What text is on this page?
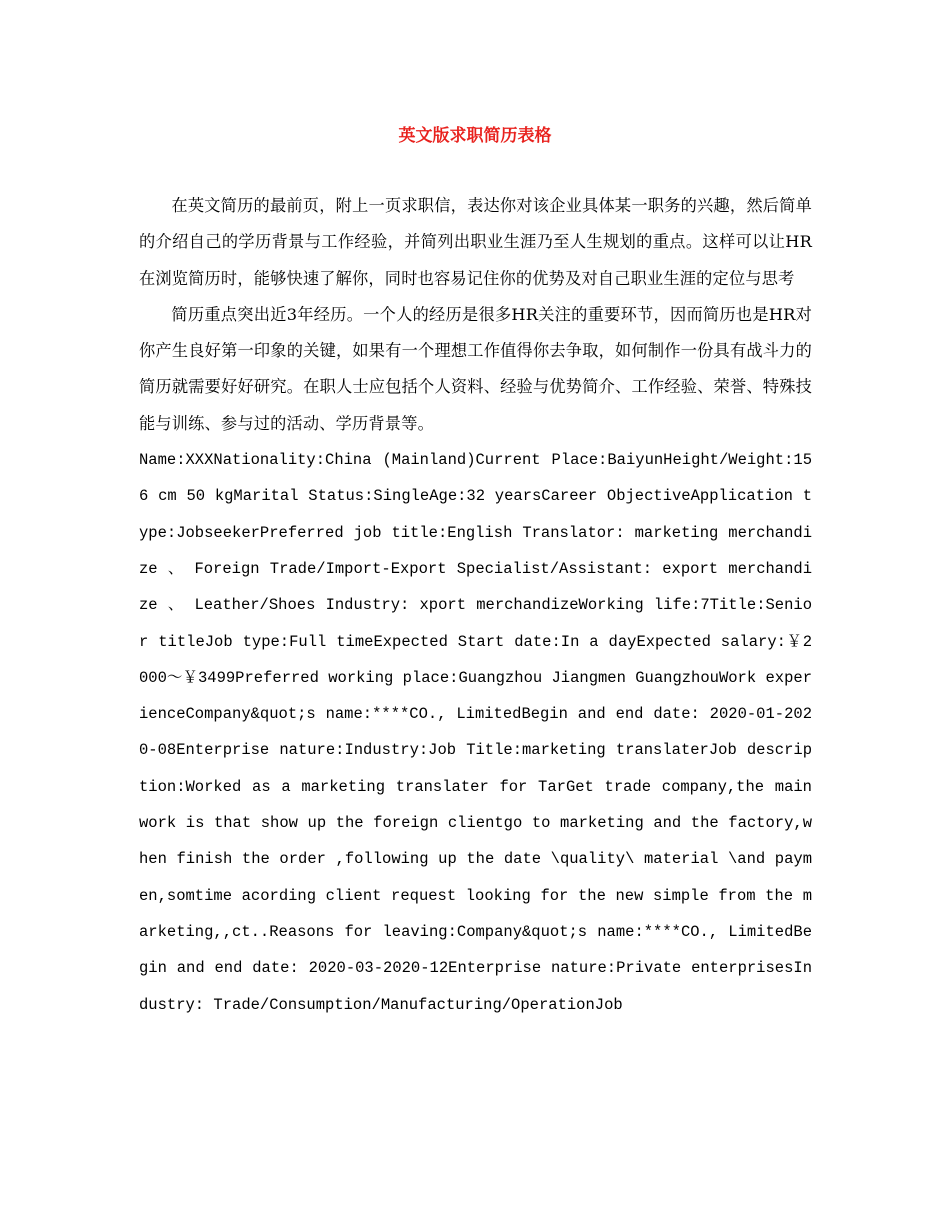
英文版求职简历表格

在英文简历的最前页，附上一页求职信，表达你对该企业具体某一职务的兴趣，然后简单的介绍自己的学历背景与工作经验，并简列出职业生涯乃至人生规划的重点。这样可以让HR在浏览简历时，能够快速了解你，同时也容易记住你的优势及对自己职业生涯的定位与思考

简历重点突出近3年经历。一个人的经历是很多HR关注的重要环节，因而简历也是HR对你产生良好第一印象的关键，如果有一个理想工作值得你去争取，如何制作一份具有战斗力的简历就需要好好研究。在职人士应包括个人资料、经验与优势简介、工作经验、荣誉、特殊技能与训练、参与过的活动、学历背景等。

Name:XXXNationality:China (Mainland)Current Place:BaiyunHeight/Weight:156 cm 50 kgMarital Status:SingleAge:32 yearsCareer ObjectiveApplication type:JobseekerPreferred job title:English Translator: marketing merchandize 、 Foreign Trade/Import-Export Specialist/Assistant: export merchandize 、 Leather/Shoes Industry: xport merchandizeWorking life:7Title:Senior titleJob type:Full timeExpected Start date:In a dayExpected salary:￥2000～￥3499Preferred working place:Guangzhou Jiangmen GuangzhouWork experienceCompany&quot;s name:****CO., LimitedBegin and end date: 2020-01-2020-08Enterprise nature:Industry:Job Title:marketing translaterJob description:Worked as a marketing translater for TarGet trade company,the main work is that show up the foreign clientgo to marketing and the factory,when finish the order ,following up the date \quality\ material \and paymen,somtime acording client request looking for the new simple from the marketing,,ct..Reasons for leaving:Company&quot;s name:****CO., LimitedBegin and end date: 2020-03-2020-12Enterprise nature:Private enterprisesIndustry: Trade/Consumption/Manufacturing/OperationJob
